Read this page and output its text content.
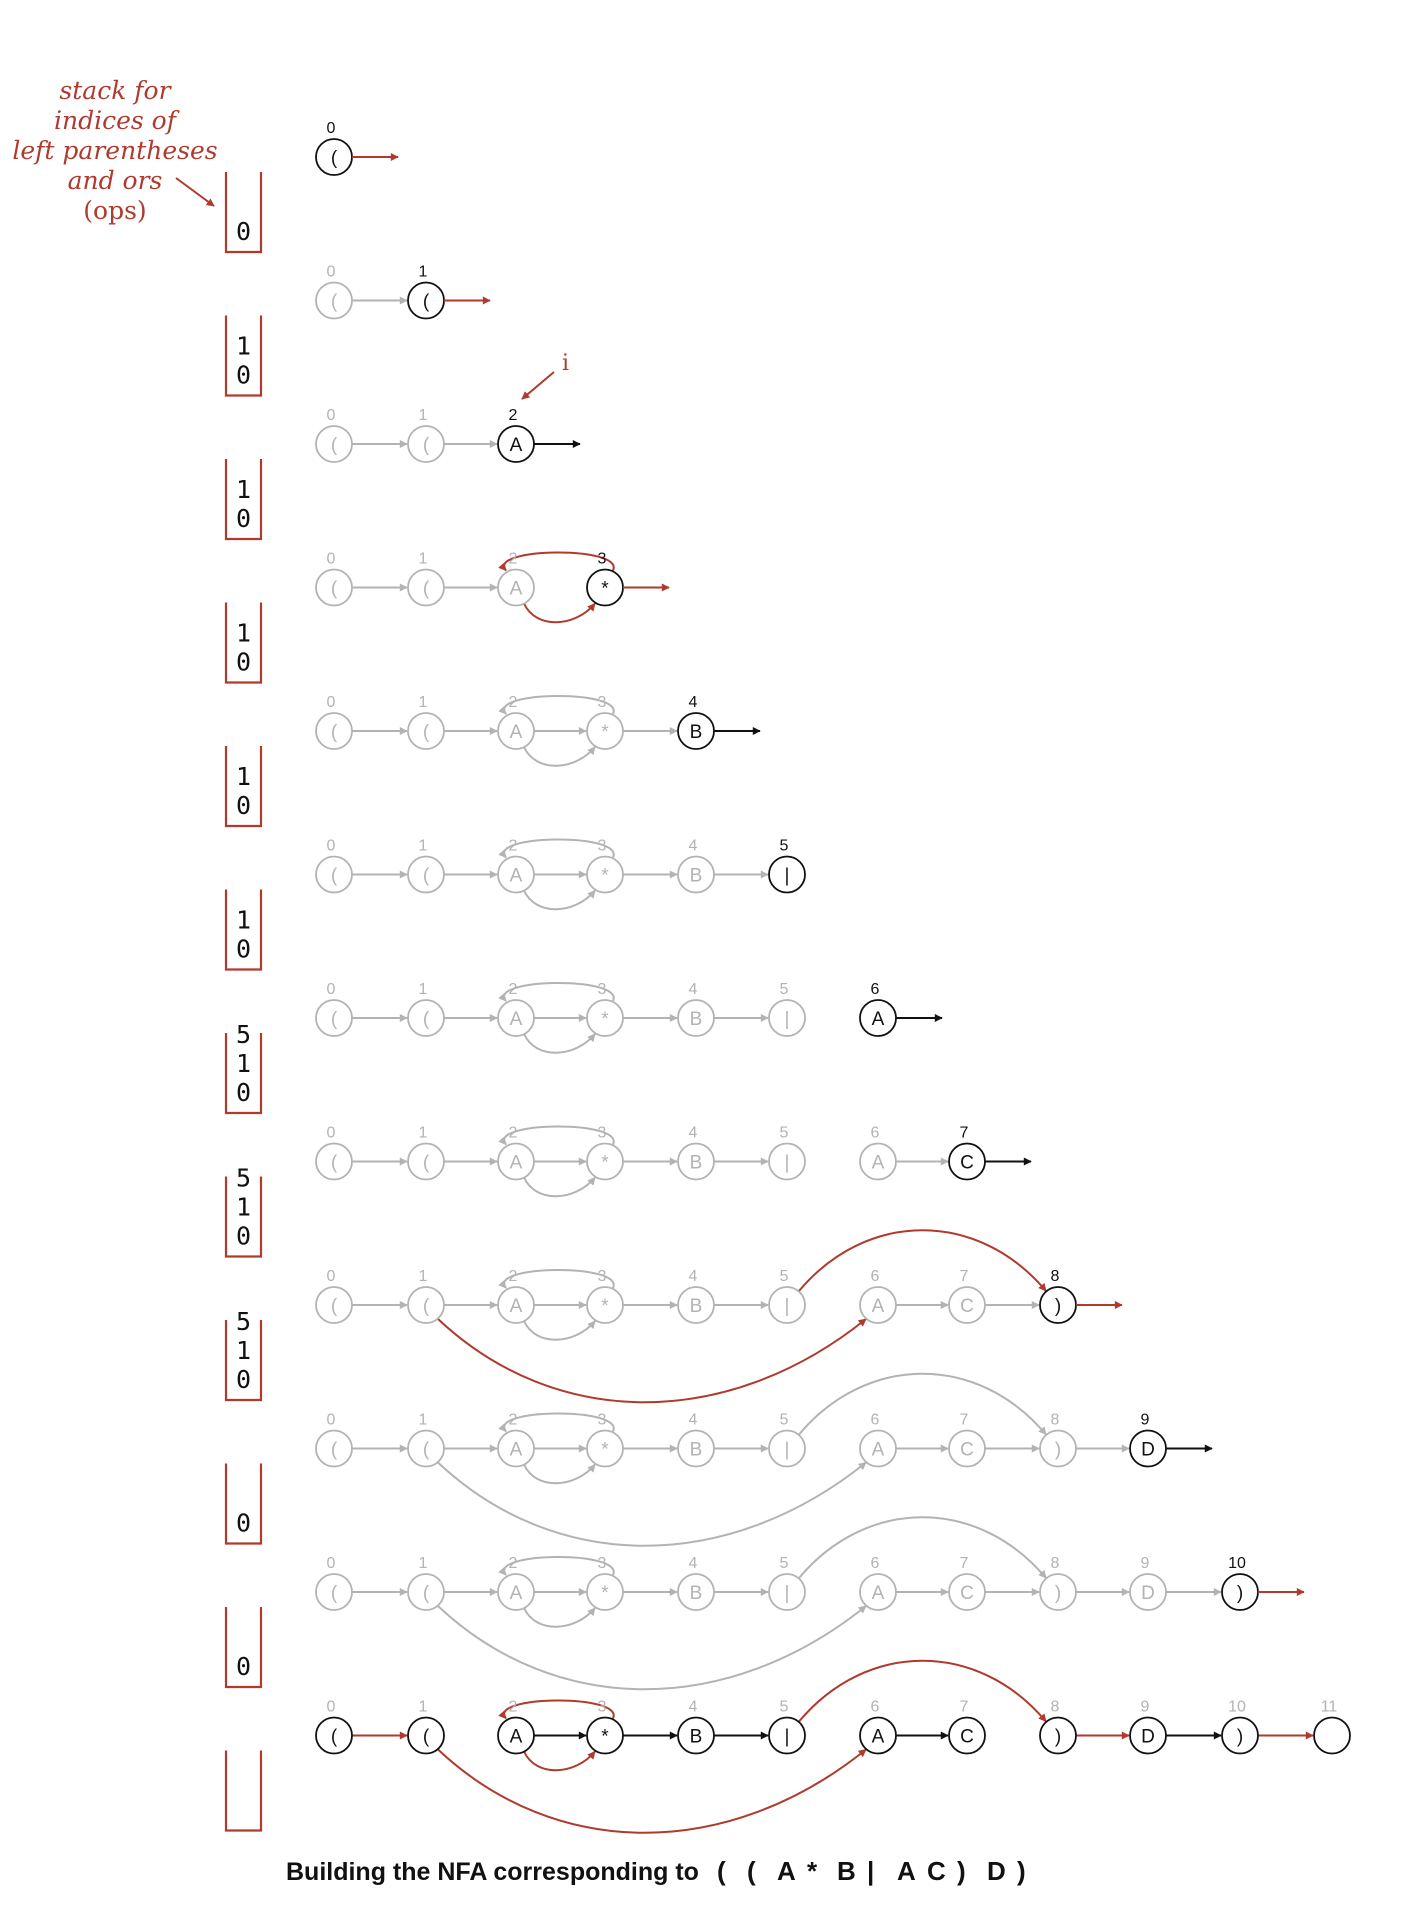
stack for
indices of
left parentheses
and ors
(ops)
0
(
0
1
0
(
0
(
1
1
0
(
0
(
1
A
2
i
1
0
(
0
(
1
A
2
*
3
1
0
(
0
(
1
A
2
*
3
B
4
1
0
(
0
(
1
A
2
*
3
B
4
|
5
5
1
0
(
0
(
1
A
2
*
3
B
4
|
5
A
6
5
1
0
(
0
(
1
A
2
*
3
B
4
|
5
A
6
C
7
5
1
0
(
0
(
1
A
2
*
3
B
4
|
5
A
6
C
7
)
8
0
(
0
(
1
A
2
*
3
B
4
|
5
A
6
C
7
)
8
D
9
0
(
0
(
1
A
2
*
3
B
4
|
5
A
6
C
7
)
8
D
9
)
10
(
0
(
1
A
2
*
3
B
4
|
5
A
6
C
7
)
8
D
9
)
10	11
Building the NFA corresponding to ( ( A * B | A C ) D )
